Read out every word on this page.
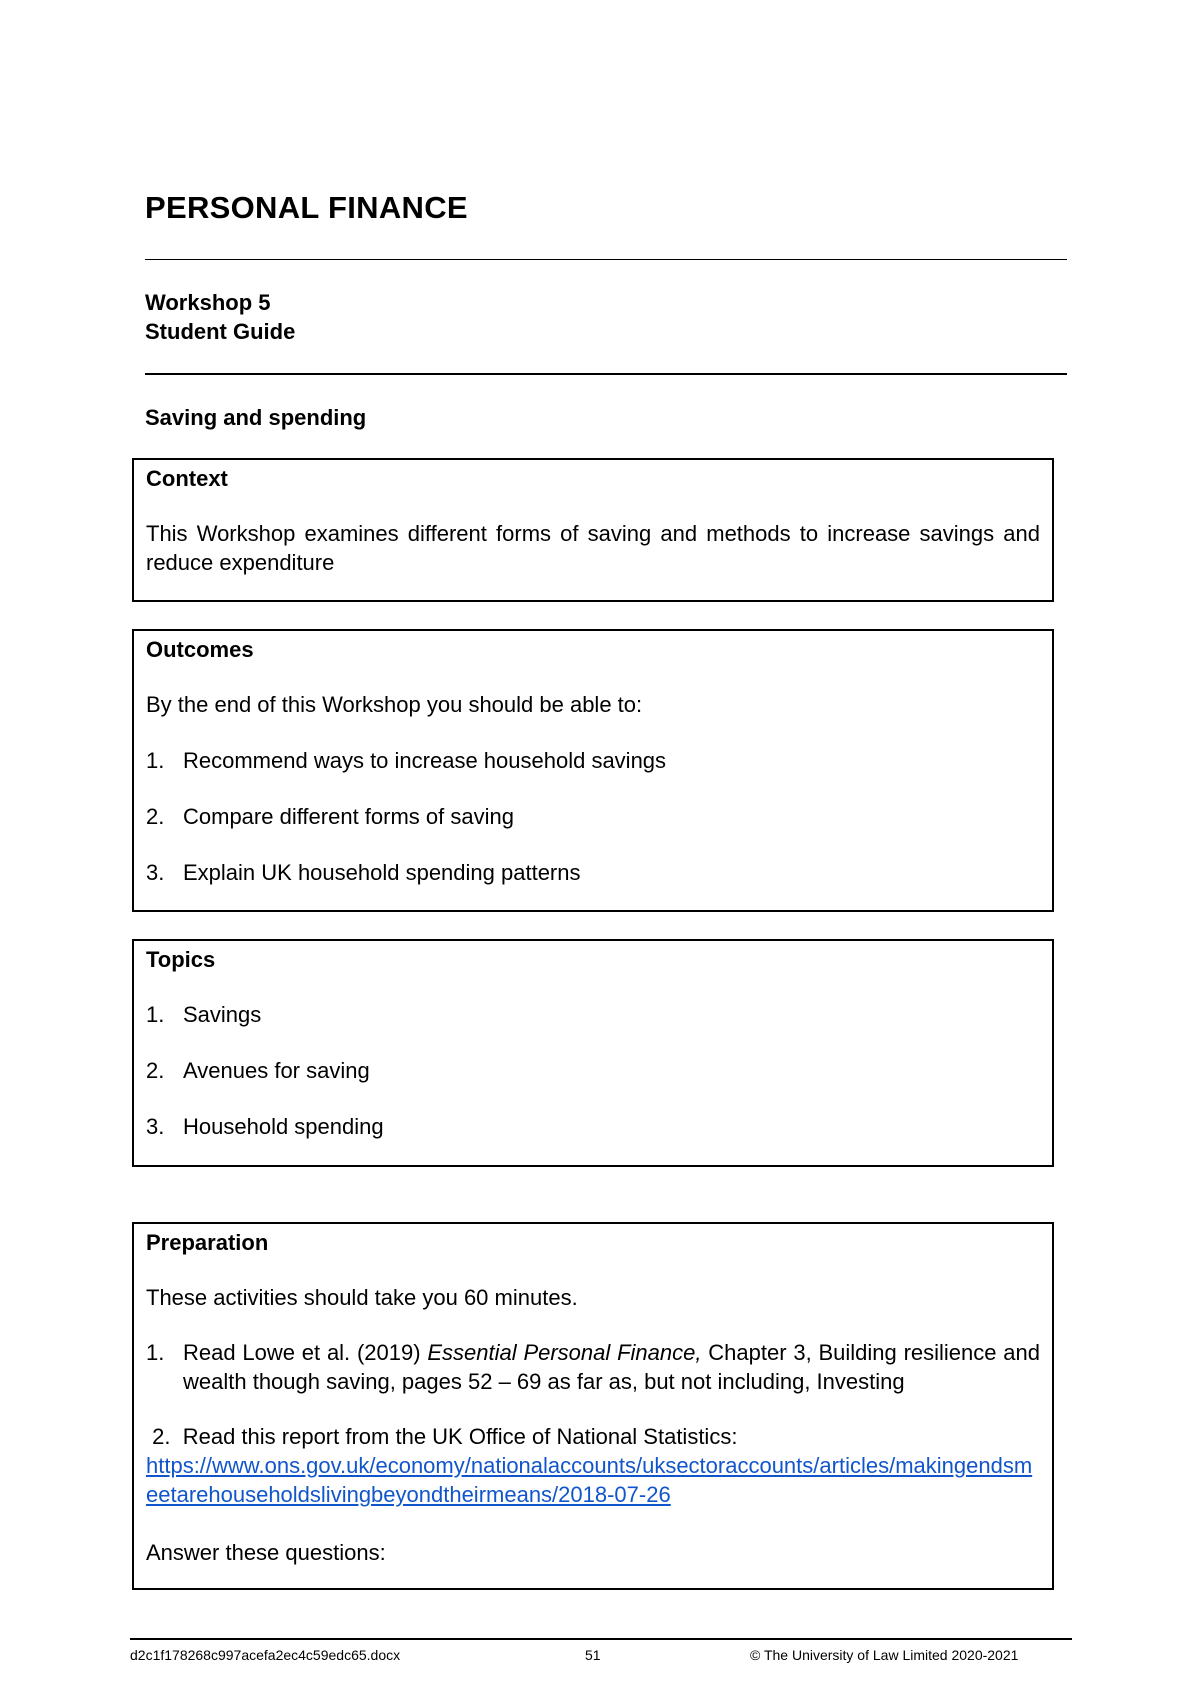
PERSONAL FINANCE
Workshop 5
Student Guide
Saving and spending
Context

This Workshop examines different forms of saving and methods to increase savings and reduce expenditure

Outcomes

By the end of this Workshop you should be able to:

1. Recommend ways to increase household savings
2. Compare different forms of saving
3. Explain UK household spending patterns
Topics
1. Savings
2. Avenues for saving
3. Household spending
Preparation

These activities should take you 60 minutes.

1. Read Lowe et al. (2019) Essential Personal Finance, Chapter 3, Building resilience and wealth though saving, pages 52 – 69 as far as, but not including, Investing
2. Read this report from the UK Office of National Statistics:
https://www.ons.gov.uk/economy/nationalaccounts/uksectoraccounts/articles/makingendsmeetarehouseholdslivingbeyondtheirmeans/2018-07-26

Answer these questions:

d2c1f178268c997acefa2ec4c59edc65.docx	51	© The University of Law Limited 2020-2021
